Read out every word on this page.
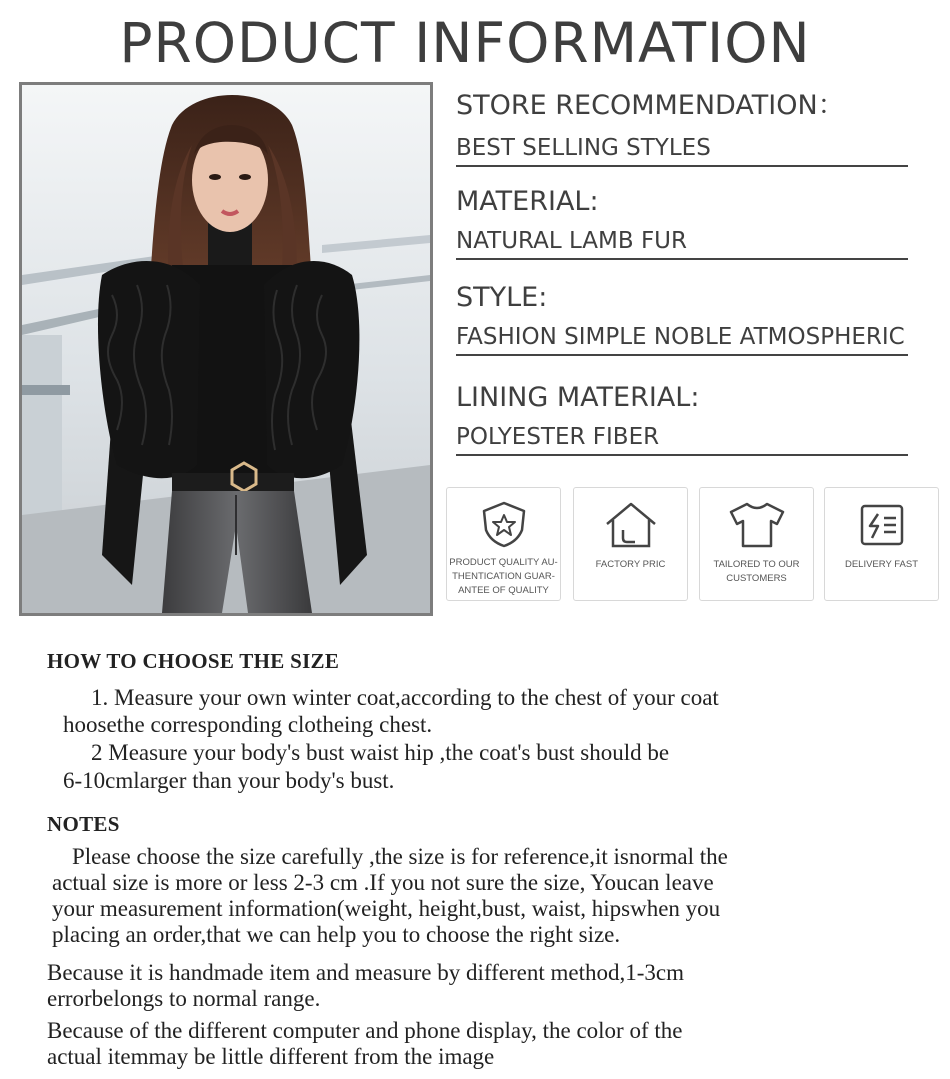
PRODUCT INFORMATION
STORE RECOMMENDATION：
BEST SELLING STYLES
MATERIAL:
NATURAL LAMB FUR
STYLE:
FASHION SIMPLE NOBLE ATMOSPHERIC
LINING MATERIAL:
POLYESTER FIBER
PRODUCT QUALITY AU-
THENTICATION GUAR-
ANTEE OF QUALITY
FACTORY PRIC	TAILORED TO OUR
CUSTOMERS
DELIVERY FAST
HOW TO CHOOSE THE SIZE
1. Measure your own winter coat,according to the chest of your coat
hoosethe corresponding clotheing chest.
2 Measure your body's bust waist hip ,the coat's bust should be
6-10cmlarger than your body's bust.
NOTES
Please choose the size carefully ,the size is for reference,it isnormal the
actual size is more or less 2-3 cm .If you not sure the size, Youcan leave
your measurement information(weight, height,bust, waist, hipswhen you
placing an order,that we can help you to choose the right size.
Because it is handmade item and measure by different method,1-3cm
errorbelongs to normal range.
Because of the different computer and phone display, the color of the
actual itemmay be little different from the image
